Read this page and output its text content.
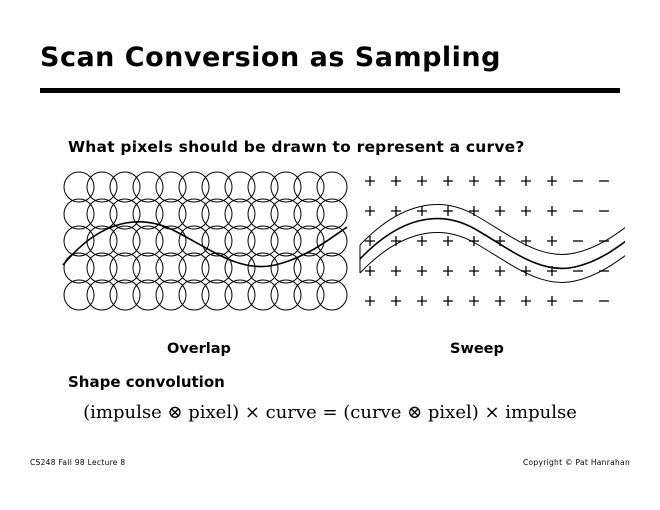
Scan Conversion as Sampling
What pixels should be drawn to represent a curve?
Overlap	Sweep
Shape convolution
(impulse ⊗ pixel) × curve = (curve ⊗ pixel) × impulse
CS248 Fall 98 Lecture 8	Copyright © Pat Hanrahan
